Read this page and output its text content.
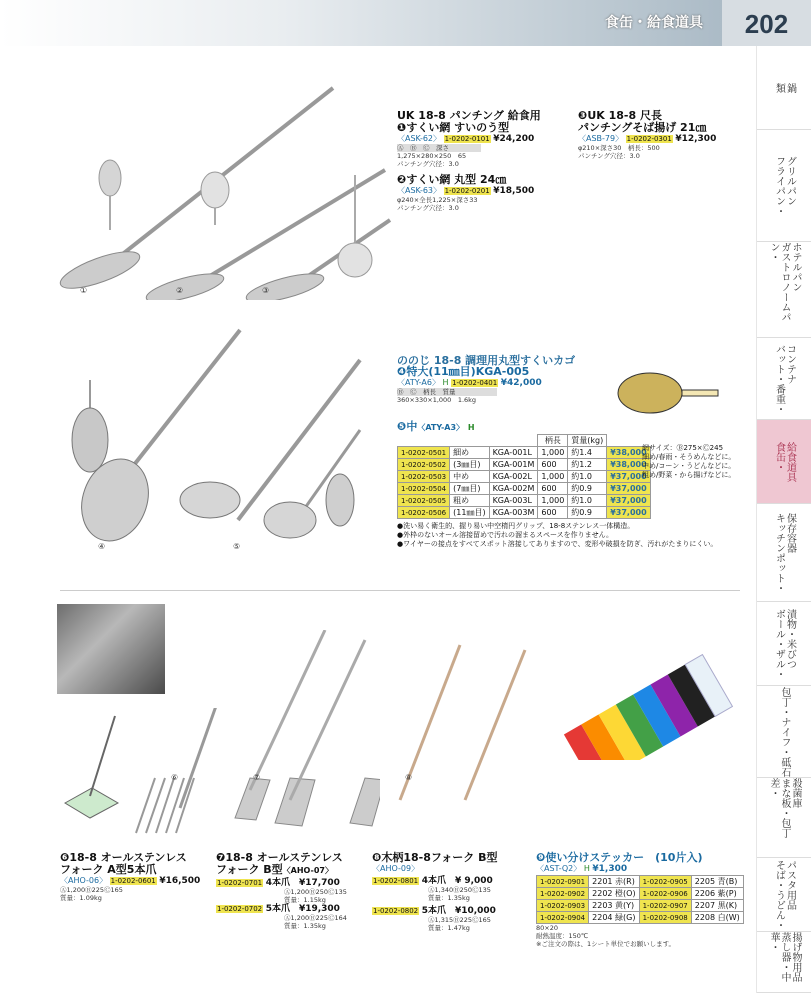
食缶・給食道具	202
鍋
類
グリルパン
フライパン・
ホテルパン
ガストロノームパン・
コンテナ
バット・番重・
給食道具
食缶・
保存容器
キッチンポット・
漬物・米びつ
ボール・ザル・
包丁・ナイフ・砥石
殺菌庫
まな板・包丁差・
パスタ用品
そば・うどん・
揚げ物用品
蒸し器・中華・
①	②	③
UK 18-8 パンチング 給食用
❶すくい網 すいのう型
〈ASK-62〉 1-0202-0101 ¥24,200
Ⓐ　Ⓑ　Ⓒ　深さ
1,275×280×250　65
パンチング穴径：3.0
❷すくい網 丸型 24㎝
〈ASK-63〉 1-0202-0201 ¥18,500
φ240×全長1,225×深さ33
パンチング穴径：3.0
❸UK 18-8 尺長
パンチングそば揚げ 21㎝
〈ASB-79〉 1-0202-0301 ¥12,300
φ210×深さ30　柄長：500
パンチング穴径：3.0
④	⑤
ののじ 18-8 調理用丸型すくいカゴ
❹特大(11㎜目)KGA-005
〈ATY-A6〉 H 1-0202-0401 ¥42,000
Ⓑ　Ⓒ　柄長　質量
360×330×1,000　1.6kg
❺中〈ATY-A3〉 H
			柄長	質量(kg)	
1-0202-0501	細め	KGA-001L	1,000	約1.4	¥38,000
1-0202-0502	(3㎜目)	KGA-001M	600	約1.2	¥38,000
1-0202-0503	中め	KGA-002L	1,000	約1.0	¥37,000
1-0202-0504	(7㎜目)	KGA-002M	600	約0.9	¥37,000
1-0202-0505	粗め	KGA-003L	1,000	約1.0	¥37,000
1-0202-0506	(11㎜目)	KGA-003M	600	約0.9	¥37,000
網サイズ：Ⓑ275×Ⓒ245
細め/春雨・そうめんなどに。
中め/コーン・うどんなどに。
粗め/野菜・から揚げなどに。
●洗い易く衛生的、握り易い中空楕円グリップ、18-8ステンレス一体構造。
●外枠のないオール溶接留めで汚れの溜まるスペースを作りません。
●ワイヤーの接点をすべてスポット溶接してありますので、変形や破損を防ぎ、汚れがたまりにくい。
⑥	⑦	⑧
❻18-8 オールステンレス
フォーク A型5本爪
〈AHO-06〉 1-0202-0601 ¥16,500
Ⓐ1,200Ⓑ225Ⓒ165
質量：1.09kg
❼18-8 オールステンレス
フォーク B型〈AHO-07〉
1-0202-0701 4本爪　¥17,700
Ⓐ1,200Ⓑ250Ⓒ135
質量：1.15kg
1-0202-0702 5本爪　¥19,300
Ⓐ1,200Ⓑ225Ⓒ164
質量：1.35kg
❽木柄18-8フォーク B型
〈AHO-09〉
1-0202-0801 4本爪　¥ 9,000
Ⓐ1,340Ⓑ250Ⓒ135
質量：1.35kg
1-0202-0802 5本爪　¥10,000
Ⓐ1,315Ⓑ225Ⓒ165
質量：1.47kg
❾使い分けステッカー　(10片入)
〈AST-Q2〉 H ¥1,300
1-0202-0901	2201 赤(R)	1-0202-0905	2205 青(B)
1-0202-0902	2202 橙(O)	1-0202-0906	2206 紫(P)
1-0202-0903	2203 黄(Y)	1-0202-0907	2207 黒(K)
1-0202-0904	2204 緑(G)	1-0202-0908	2208 白(W)
80×20
耐熱温度：150℃
※ご注文の際は、1シート単位でお願いします。
